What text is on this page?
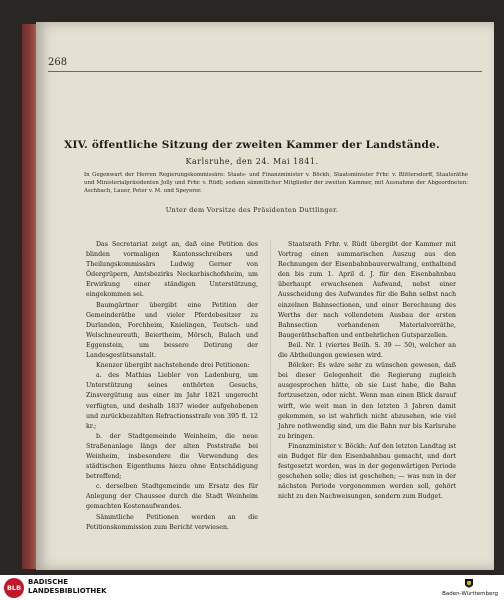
268
XIV. öffentliche Sitzung der zweiten Kammer der Landstände.
Karlsruhe, den 24. Mai 1841.
In Gegenwart der Herren Regierungskommissäre: Staats- und Finanzminister v. Böckh, Staatsminister Frhr. v. Blittersdorff, Staatsräthe und Ministerialpräsidenten Jolly und Frhr. v. Rüdt; sodann sämmtlicher Mitglieder der zweiten Kammer, mit Ausnahme der Abgeordneten: Aschbach, Lauer, Peter v. M. und Speyerer.
Unter dem Vorsitze des Präsidenten Duttlinger.

Das Secretariat zeigt an, daß eine Petition des blinden vormaligen Kantonsschreibers und Theilungskommissärs Ludwig Gerner von Ödergrüpern, Amtsbezirks Neckarbischofsheim, um Erwirkung einer ständigen Unterstützung, eingekommen sei.

Baumgärtner übergibt eine Petition der Gemeinderäthe und vieler Pferdebesitzer zu Durlanden, Forchheim, Knielingen, Teutsch- und Welschneureuth, Beiertheim, Mörsch, Bulach und Eggenstein, um bessere Dotirung der Landesgestütsanstalt.

Knenzer übergibt nachstehende drei Petitionen:

a. des Mathias Liebler von Ladenburg, um Unterstützung seines enthörten Gesuchs, Zinsvergütung aus einer im Jahr 1821 ungerecht verfügten, und deshalb 1837 wieder aufgehobenen und zurückbezahlten Refractionsstrafe von 395 fl. 12 kr.;

b. der Stadtgemeinde Weinheim, die neue Straßenanlage längs der alten Poststraße bei Weinheim, insbesondere die Verwendung des städtischen Eigenthums hiezu ohne Entschädigung betreffend;

c. derselben Stadtgemeinde um Ersatz des für Anlegung der Chaussee durch die Stadt Weinheim gemachten Kostenaufwandes.

Sämmtliche Petitionen werden an die Petitionskommission zum Bericht verwiesen.

Staatsrath Frhr. v. Rüdt übergibt der Kammer mit Vortrag einen summarischen Auszug aus den Rechnungen der Eisenbahnbauverwaltung, enthaltend den bis zum 1. April d. J. für den Eisenbahnbau überhaupt erwachsenen Aufwand, nebst einer Ausscheidung des Aufwandes für die Bahn selbst nach einzelnen Bahnsectionen, und einer Berechnung des Werths der nach vollendetem Ausbau der ersten Bahnsection vorhandenen Materialvorräthe, Baugeräthschaften und entbehrlichen Gutsparzellen.

Beil. Nr. 1 (viertes Beilh. S. 39 — 50), welcher an die Abtheilungen gewiesen wird.

Bölcker: Es wäre sehr zu wünschen gewesen, daß bei dieser Gelegenheit die Regierung zugleich ausgesprochen hätte, ob sie Lust habe, die Bahn fortzusetzen, oder nicht. Wenn man einen Blick darauf wirft, wie weit man in den letzten 3 Jahren damit gekommen, so ist wahrlich nicht abzusehen, wie viel Jahre nothwendig sind, um die Bahn nur bis Karlsruhe zu bringen.

Finanzminister v. Böckh: Auf den letzten Landtag ist ein Budget für den Eisenbahnbau gemacht, und dort festgesetzt worden, was in der gegenwärtigen Periode geschehen solle; dies ist geschehen; — was nun in der nächsten Periode vorgenommen werden soll, gehört nicht zu den Nachweisungen, sondern zum Budget.

BLB
BADISCHE
LANDESBIBLIOTHEK	Baden-Württemberg
